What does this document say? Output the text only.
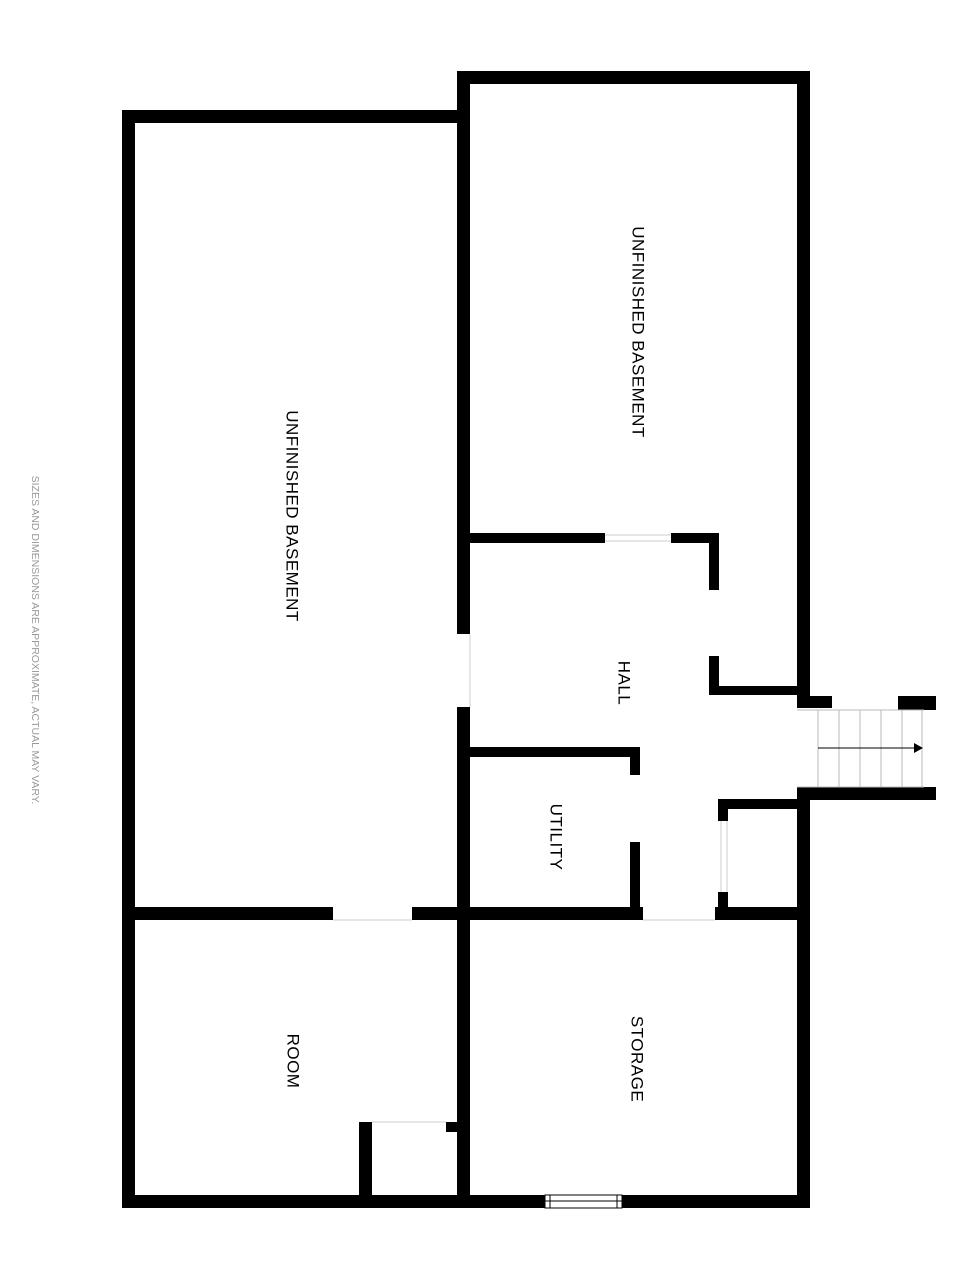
UNFINISHED BASEMENT
UNFINISHED BASEMENT
HALL
UTILITY
ROOM	STORAGE
SIZES AND DIMENSIONS ARE APPROXIMATE, ACTUAL MAY VARY.
